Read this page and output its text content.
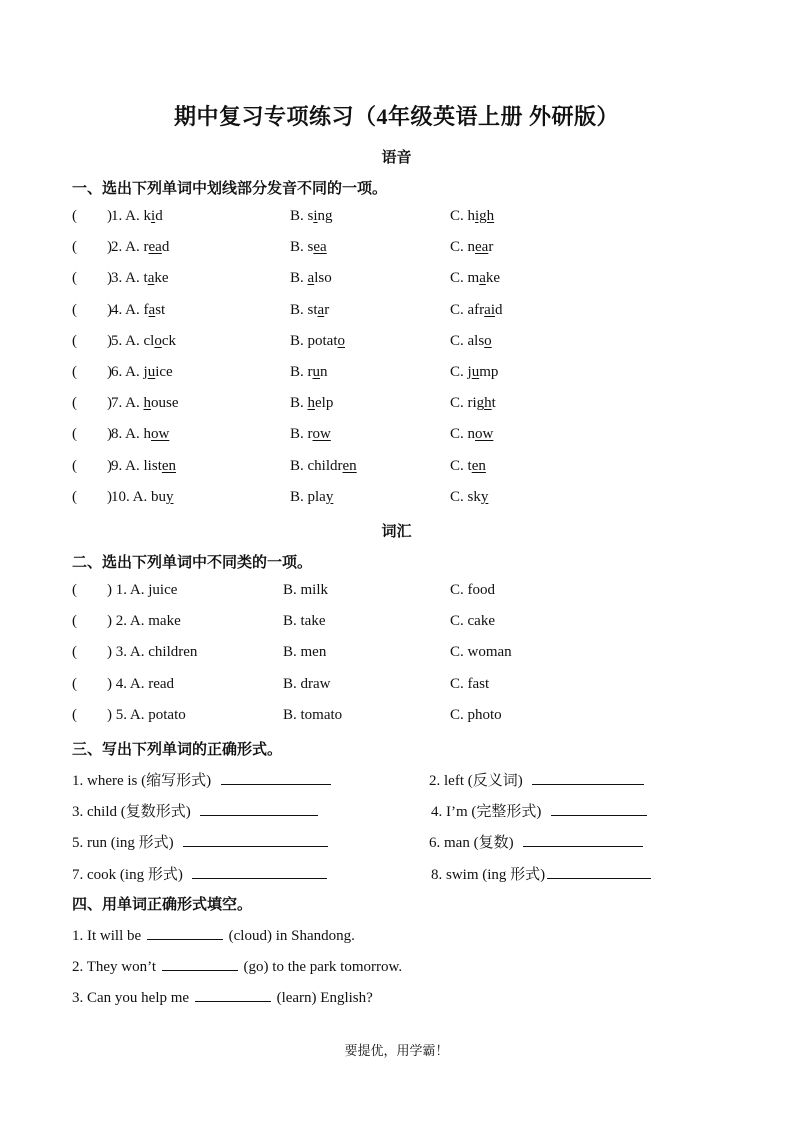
期中复习专项练习（4年级英语上册 外研版）
语音
一、选出下列单词中划线部分发音不同的一项。
(        ) 1. A. kid	B. sing	C. high
(        ) 2. A. read	B. sea	C. near
(        ) 3. A. take	B. also	C. make
(        ) 4. A. fast	B. star	C. afraid
(        ) 5. A. clock	B. potato	C. also
(        ) 6. A. juice	B. run	C. jump
(        ) 7. A. house	B. help	C. right
(        ) 8. A. how	B. row	C. now
(        ) 9. A. listen	B. children	C. ten
(        ) 10. A. buy	B. play	C. sky
词汇
二、选出下列单词中不同类的一项。
(        ) 1. A. juice	B. milk	C. food
(        ) 2. A. make	B. take	C. cake
(        ) 3. A. children	B. men	C. woman
(        ) 4. A. read	B. draw	C. fast
(        ) 5. A. potato	B. tomato	C. photo
三、写出下列单词的正确形式。
1. where is (缩写形式)	2. left (反义词)
3. child (复数形式)	4. I’m (完整形式)
5. run (ing 形式)	6. man (复数)
7. cook (ing 形式)	8. swim (ing 形式)
四、用单词正确形式填空。
1. It will be	(cloud) in Shandong.
2. They won’t	(go) to the park tomorrow.
3. Can you help me	(learn) English?
要提优，用学霸！
